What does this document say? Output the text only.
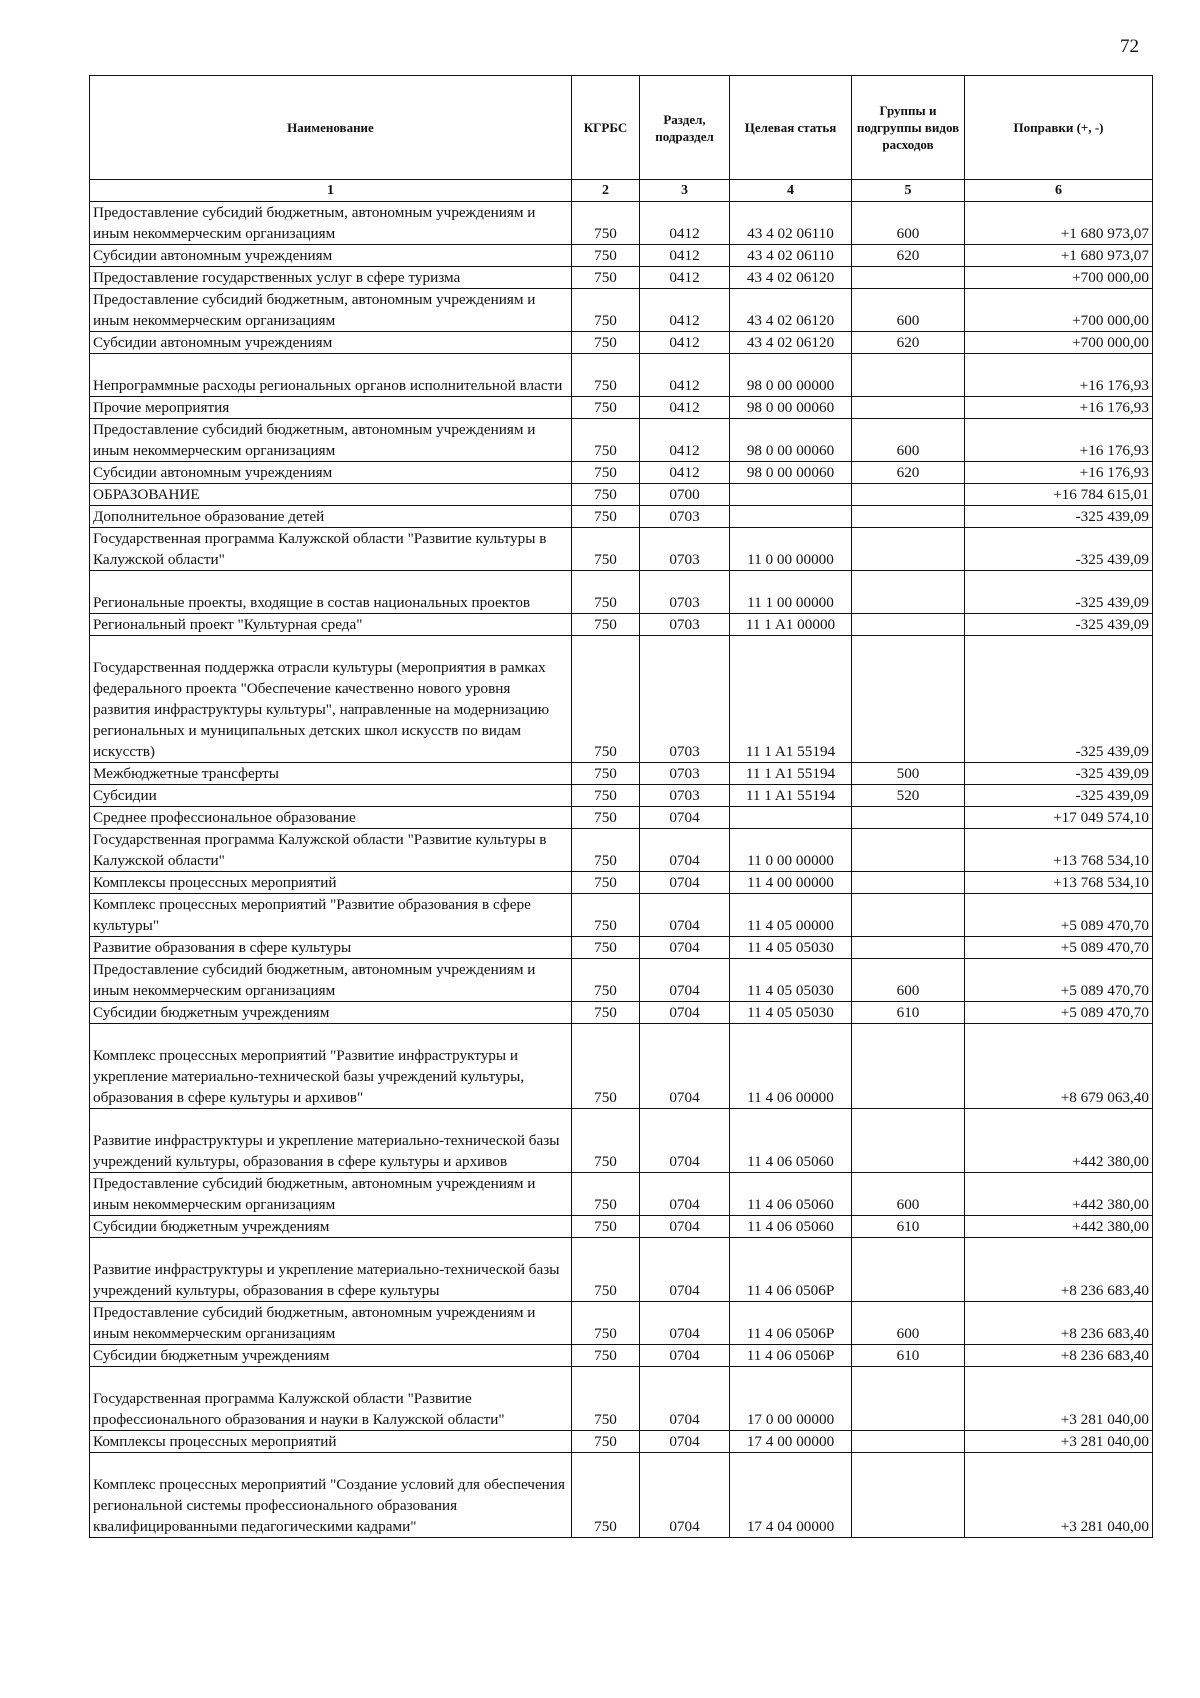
72
Наименование	КГРБС	Раздел, подраздел	Целевая статья	Группы и подгруппы видов расходов	Поправки (+, -)
1	2	3	4	5	6
Предоставление субсидий бюджетным, автономным учреждениям и иным некоммерческим организациям	750	0412	43 4 02 06110	600	+1 680 973,07
Субсидии автономным учреждениям	750	0412	43 4 02 06110	620	+1 680 973,07
Предоставление государственных услуг в сфере туризма	750	0412	43 4 02 06120		+700 000,00
Предоставление субсидий бюджетным, автономным учреждениям и иным некоммерческим организациям	750	0412	43 4 02 06120	600	+700 000,00
Субсидии автономным учреждениям	750	0412	43 4 02 06120	620	+700 000,00
Непрограммные расходы региональных органов исполнительной власти	750	0412	98 0 00 00000		+16 176,93
Прочие мероприятия	750	0412	98 0 00 00060		+16 176,93
Предоставление субсидий бюджетным, автономным учреждениям и иным некоммерческим организациям	750	0412	98 0 00 00060	600	+16 176,93
Субсидии автономным учреждениям	750	0412	98 0 00 00060	620	+16 176,93
ОБРАЗОВАНИЕ	750	0700			+16 784 615,01
Дополнительное образование детей	750	0703			-325 439,09
Государственная программа Калужской области "Развитие культуры в Калужской области"	750	0703	11 0 00 00000		-325 439,09
Региональные проекты, входящие в состав национальных проектов	750	0703	11 1 00 00000		-325 439,09
Региональный проект "Культурная среда"	750	0703	11 1 A1 00000		-325 439,09
Государственная поддержка отрасли культуры (мероприятия в рамках федерального проекта "Обеспечение качественно нового уровня развития инфраструктуры культуры", направленные на модернизацию региональных и муниципальных детских школ искусств по видам искусств)	750	0703	11 1 A1 55194		-325 439,09
Межбюджетные трансферты	750	0703	11 1 A1 55194	500	-325 439,09
Субсидии	750	0703	11 1 A1 55194	520	-325 439,09
Среднее профессиональное образование	750	0704			+17 049 574,10
Государственная программа Калужской области "Развитие культуры в Калужской области"	750	0704	11 0 00 00000		+13 768 534,10
Комплексы процессных мероприятий	750	0704	11 4 00 00000		+13 768 534,10
Комплекс процессных мероприятий "Развитие образования в сфере культуры"	750	0704	11 4 05 00000		+5 089 470,70
Развитие образования в сфере культуры	750	0704	11 4 05 05030		+5 089 470,70
Предоставление субсидий бюджетным, автономным учреждениям и иным некоммерческим организациям	750	0704	11 4 05 05030	600	+5 089 470,70
Субсидии бюджетным учреждениям	750	0704	11 4 05 05030	610	+5 089 470,70
Комплекс процессных мероприятий "Развитие инфраструктуры и укрепление материально-технической базы учреждений культуры, образования в сфере культуры и архивов"	750	0704	11 4 06 00000		+8 679 063,40
Развитие инфраструктуры и укрепление материально-технической базы учреждений культуры, образования в сфере культуры и архивов	750	0704	11 4 06 05060		+442 380,00
Предоставление субсидий бюджетным, автономным учреждениям и иным некоммерческим организациям	750	0704	11 4 06 05060	600	+442 380,00
Субсидии бюджетным учреждениям	750	0704	11 4 06 05060	610	+442 380,00
Развитие инфраструктуры и укрепление материально-технической базы учреждений культуры, образования в сфере культуры	750	0704	11 4 06 0506P		+8 236 683,40
Предоставление субсидий бюджетным, автономным учреждениям и иным некоммерческим организациям	750	0704	11 4 06 0506P	600	+8 236 683,40
Субсидии бюджетным учреждениям	750	0704	11 4 06 0506P	610	+8 236 683,40
Государственная программа Калужской области "Развитие профессионального образования и науки в Калужской области"	750	0704	17 0 00 00000		+3 281 040,00
Комплексы процессных мероприятий	750	0704	17 4 00 00000		+3 281 040,00
Комплекс процессных мероприятий "Создание условий для обеспечения региональной системы профессионального образования квалифицированными педагогическими кадрами"	750	0704	17 4 04 00000		+3 281 040,00
